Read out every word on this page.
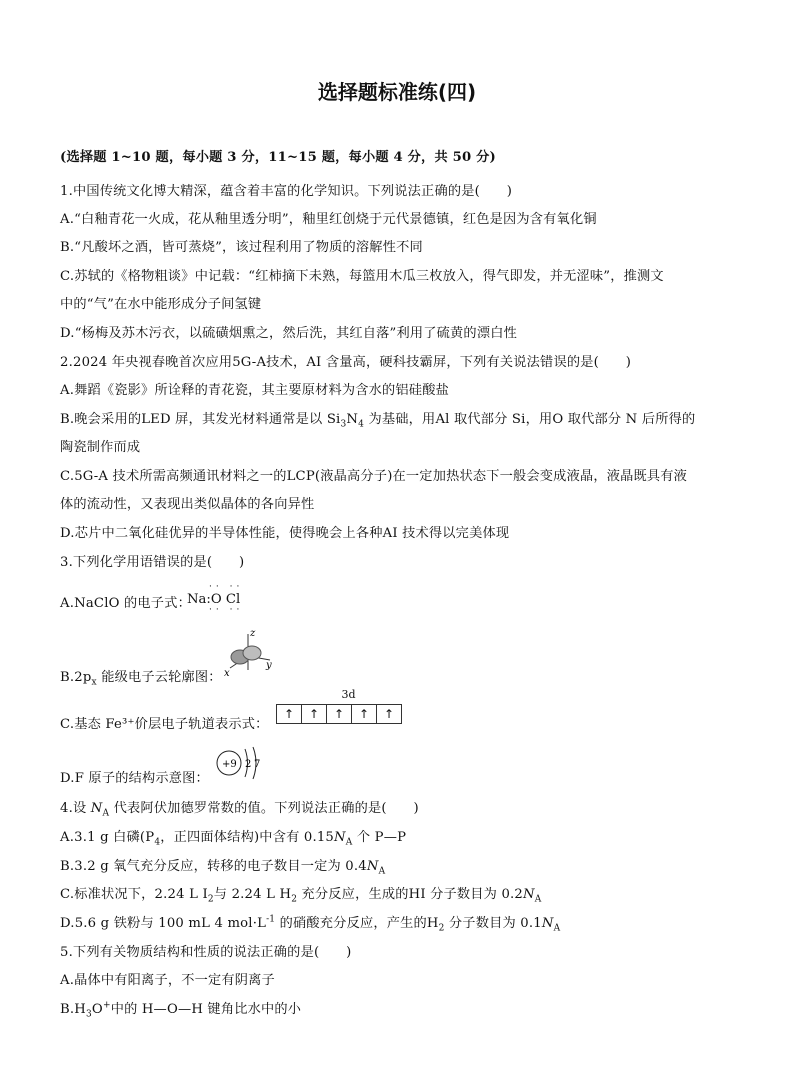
选择题标准练(四)
(选择题 1~10 题，每小题 3 分，11~15 题，每小题 4 分，共 50 分)
1.中国传统文化博大精深，蕴含着丰富的化学知识。下列说法正确的是(　　)
A.“白釉青花一火成，花从釉里透分明”，釉里红创烧于元代景德镇，红色是因为含有氧化铜
B.“凡酸坏之酒，皆可蒸烧”，该过程利用了物质的溶解性不同
C.苏轼的《格物粗谈》中记载：“红柿摘下未熟，每篮用木瓜三枚放入，得气即发，并无涩味”，推测文
中的“气”在水中能形成分子间氢键
D.“杨梅及苏木污衣，以硫磺烟熏之，然后洗，其红自落”利用了硫黄的漂白性
2.2024 年央视春晚首次应用5G-A技术，AI 含量高，硬科技霸屏，下列有关说法错误的是(　　)
A.舞蹈《瓷影》所诠释的青花瓷，其主要原材料为含水的铝硅酸盐
B.晚会采用的LED 屏，其发光材料通常是以 $Si_3N_4$ 为基础，用Al 取代部分 Si，用O 取代部分 N 后所得的
陶瓷制作而成
C.5G-A 技术所需高频通讯材料之一的LCP(液晶高分子)在一定加热状态下一般会变成液晶，液晶既具有液
体的流动性，又表现出类似晶体的各向异性
D.芯片中二氧化硅优异的半导体性能，使得晚会上各种AI 技术得以完美体现
3.下列化学用语错误的是(　　)
A.NaClO 的电子式：
·· ··
Na:O Cl
·· ··
$B.2p_x$ 能级电子云轮廓图：
z
y
x
C.基态 Fe³⁺价层电子轨道表示式：
3d
↑	↑	↑	↑	↑
D.F 原子的结构示意图：
+9 2 7
4.设 $N_A$ 代表阿伏加德罗常数的值。下列说法正确的是(　　)
A.3.1 g 白磷($P_4$，正四面体结构)中含有 $0.15N_A$ 个 P—P
B.3.2 g 氧气充分反应，转移的电子数目一定为 $0.4N_A$
C.标准状况下，2.24 L $I_2$与 2.24 L $H_2$ 充分反应，生成的HI 分子数目为 $0.2N_A$
D.5.6 g 铁粉与 100 mL 4 $mol\cdot L^{-1}$ 的硝酸充分反应，产生的$H_2$ 分子数目为 $0.1N_A$
5.下列有关物质结构和性质的说法正确的是(　　)
A.晶体中有阳离子，不一定有阴离子
$B.H_3O^+$中的 H—O—H 键角比水中的小
